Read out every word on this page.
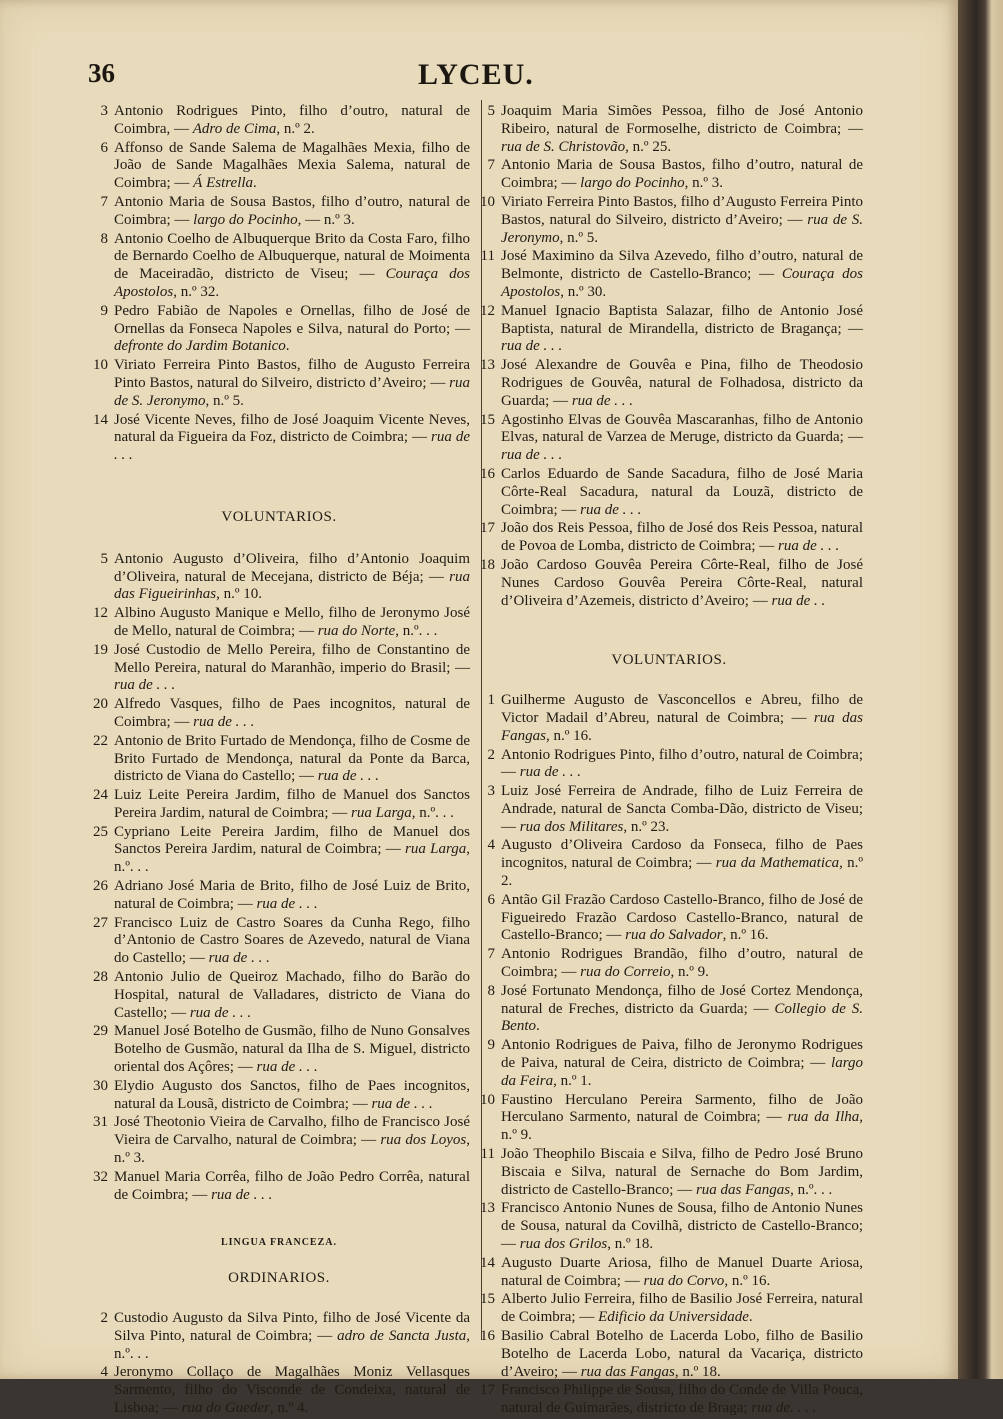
36	LYCEU.
3 Antonio Rodrigues Pinto, filho d’outro, natural de Coimbra, — Adro de Cima, n.º 2.
6 Affonso de Sande Salema de Magalhães Mexia, filho de João de Sande Magalhães Mexia Salema, natural de Coimbra; — Á Estrella.
7 Antonio Maria de Sousa Bastos, filho d’outro, natural de Coimbra; — largo do Pocinho, — n.º 3.
8 Antonio Coelho de Albuquerque Brito da Costa Faro, filho de Bernardo Coelho de Albuquerque, natural de Moimenta de Maceiradão, districto de Viseu; — Couraça dos Apostolos, n.º 32.
9 Pedro Fabião de Napoles e Ornellas, filho de José de Ornellas da Fonseca Napoles e Silva, natural do Porto; — defronte do Jardim Botanico.
10 Viriato Ferreira Pinto Bastos, filho de Augusto Ferreira Pinto Bastos, natural do Silveiro, districto d’Aveiro; — rua de S. Jeronymo, n.º 5.
14 José Vicente Neves, filho de José Joaquim Vicente Neves, natural da Figueira da Foz, districto de Coimbra; — rua de . . .
VOLUNTARIOS.
5 Antonio Augusto d’Oliveira, filho d’Antonio Joaquim d’Oliveira, natural de Mecejana, districto de Béja; — rua das Figueirinhas, n.º 10.
12 Albino Augusto Manique e Mello, filho de Jeronymo José de Mello, natural de Coimbra; — rua do Norte, n.º. . .
19 José Custodio de Mello Pereira, filho de Constantino de Mello Pereira, natural do Maranhão, imperio do Brasil; — rua de . . .
20 Alfredo Vasques, filho de Paes incognitos, natural de Coimbra; — rua de . . .
22 Antonio de Brito Furtado de Mendonça, filho de Cosme de Brito Furtado de Mendonça, natural da Ponte da Barca, districto de Viana do Castello; — rua de . . .
24 Luiz Leite Pereira Jardim, filho de Manuel dos Sanctos Pereira Jardim, natural de Coimbra; — rua Larga, n.º. . .
25 Cypriano Leite Pereira Jardim, filho de Manuel dos Sanctos Pereira Jardim, natural de Coimbra; — rua Larga, n.º. . .
26 Adriano José Maria de Brito, filho de José Luiz de Brito, natural de Coimbra; — rua de . . .
27 Francisco Luiz de Castro Soares da Cunha Rego, filho d’Antonio de Castro Soares de Azevedo, natural de Viana do Castello; — rua de . . .
28 Antonio Julio de Queiroz Machado, filho do Barão do Hospital, natural de Valladares, districto de Viana do Castello; — rua de . . .
29 Manuel José Botelho de Gusmão, filho de Nuno Gonsalves Botelho de Gusmão, natural da Ilha de S. Miguel, districto oriental dos Açôres; — rua de . . .
30 Elydio Augusto dos Sanctos, filho de Paes incognitos, natural da Lousã, districto de Coimbra; — rua de . . .
31 José Theotonio Vieira de Carvalho, filho de Francisco José Vieira de Carvalho, natural de Coimbra; — rua dos Loyos, n.º 3.
32 Manuel Maria Corrêa, filho de João Pedro Corrêa, natural de Coimbra; — rua de . . .
LINGUA FRANCEZA.
ORDINARIOS.
2 Custodio Augusto da Silva Pinto, filho de José Vicente da Silva Pinto, natural de Coimbra; — adro de Sancta Justa, n.º. . .
4 Jeronymo Collaço de Magalhães Moniz Vellasques Sarmento, filho do Visconde de Condeixa, natural de Lisboa; — rua do Gueder, n.º 4.
5 Joaquim Maria Simões Pessoa, filho de José Antonio Ribeiro, natural de Formoselhe, districto de Coimbra; — rua de S. Christovão, n.º 25.
7 Antonio Maria de Sousa Bastos, filho d’outro, natural de Coimbra; — largo do Pocinho, n.º 3.
10 Viriato Ferreira Pinto Bastos, filho d’Augusto Ferreira Pinto Bastos, natural do Silveiro, districto d’Aveiro; — rua de S. Jeronymo, n.º 5.
11 José Maximino da Silva Azevedo, filho d’outro, natural de Belmonte, districto de Castello-Branco; — Couraça dos Apostolos, n.º 30.
12 Manuel Ignacio Baptista Salazar, filho de Antonio José Baptista, natural de Mirandella, districto de Bragança; — rua de . . .
13 José Alexandre de Gouvêa e Pina, filho de Theodosio Rodrigues de Gouvêa, natural de Folhadosa, districto da Guarda; — rua de . . .
15 Agostinho Elvas de Gouvêa Mascaranhas, filho de Antonio Elvas, natural de Varzea de Meruge, districto da Guarda; — rua de . . .
16 Carlos Eduardo de Sande Sacadura, filho de José Maria Côrte-Real Sacadura, natural da Louzã, districto de Coimbra; — rua de . . .
17 João dos Reis Pessoa, filho de José dos Reis Pessoa, natural de Povoa de Lomba, districto de Coimbra; — rua de . . .
18 João Cardoso Gouvêa Pereira Côrte-Real, filho de José Nunes Cardoso Gouvêa Pereira Côrte-Real, natural d’Oliveira d’Azemeis, districto d’Aveiro; — rua de . .
VOLUNTARIOS.
1 Guilherme Augusto de Vasconcellos e Abreu, filho de Victor Madail d’Abreu, natural de Coimbra; — rua das Fangas, n.º 16.
2 Antonio Rodrigues Pinto, filho d’outro, natural de Coimbra; — rua de . . .
3 Luiz José Ferreira de Andrade, filho de Luiz Ferreira de Andrade, natural de Sancta Comba-Dão, districto de Viseu; — rua dos Militares, n.º 23.
4 Augusto d’Oliveira Cardoso da Fonseca, filho de Paes incognitos, natural de Coimbra; — rua da Mathematica, n.º 2.
6 Antão Gil Frazão Cardoso Castello-Branco, filho de José de Figueiredo Frazão Cardoso Castello-Branco, natural de Castello-Branco; — rua do Salvador, n.º 16.
7 Antonio Rodrigues Brandão, filho d’outro, natural de Coimbra; — rua do Correio, n.º 9.
8 José Fortunato Mendonça, filho de José Cortez Mendonça, natural de Freches, districto da Guarda; — Collegio de S. Bento.
9 Antonio Rodrigues de Paiva, filho de Jeronymo Rodrigues de Paiva, natural de Ceira, districto de Coimbra; — largo da Feira, n.º 1.
10 Faustino Herculano Pereira Sarmento, filho de João Herculano Sarmento, natural de Coimbra; — rua da Ilha, n.º 9.
11 João Theophilo Biscaia e Silva, filho de Pedro José Bruno Biscaia e Silva, natural de Sernache do Bom Jardim, districto de Castello-Branco; — rua das Fangas, n.º. . .
13 Francisco Antonio Nunes de Sousa, filho de Antonio Nunes de Sousa, natural da Covilhã, districto de Castello-Branco; — rua dos Grilos, n.º 18.
14 Augusto Duarte Ariosa, filho de Manuel Duarte Ariosa, natural de Coimbra; — rua do Corvo, n.º 16.
15 Alberto Julio Ferreira, filho de Basilio José Ferreira, natural de Coimbra; — Edificio da Universidade.
16 Basilio Cabral Botelho de Lacerda Lobo, filho de Basilio Botelho de Lacerda Lobo, natural da Vacariça, districto d’Aveiro; — rua das Fangas, n.º 18.
17 Francisco Philippe de Sousa, filho do Conde de Villa Pouca, natural de Guimarães, districto de Braga; rua de. . . .
